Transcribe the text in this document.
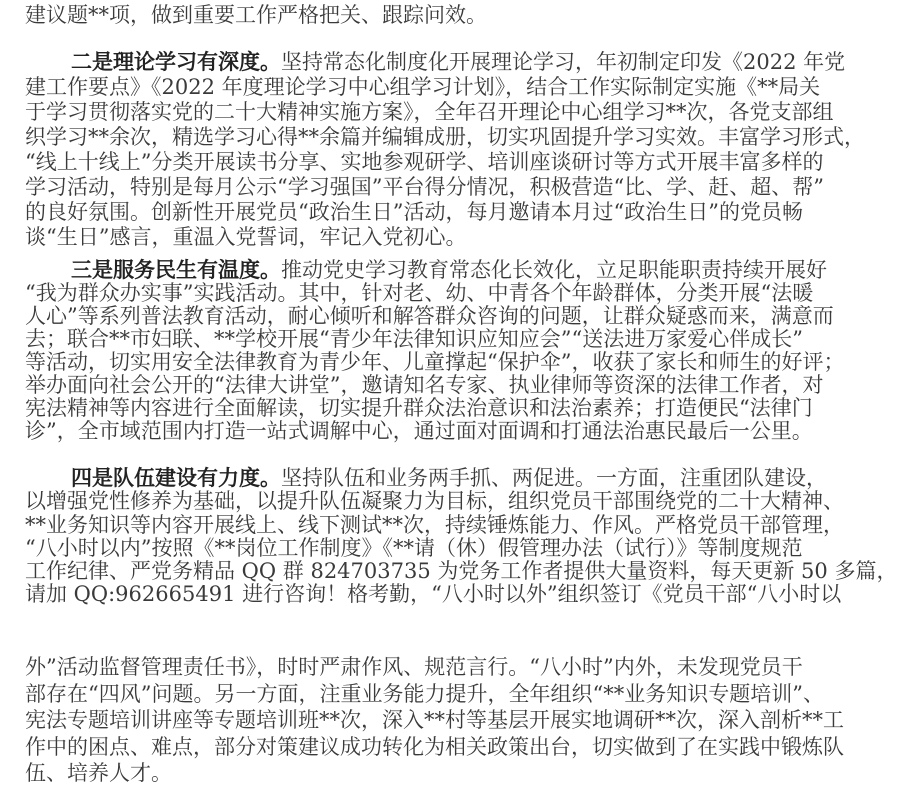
建议题**项，做到重要工作严格把关、跟踪问效。
二是理论学习有深度。坚持常态化制度化开展理论学习，年初制定印发《2022 年党
建工作要点》《2022 年度理论学习中心组学习计划》，结合工作实际制定实施《**局关
于学习贯彻落实党的二十大精神实施方案》，全年召开理论中心组学习**次，各党支部组
织学习**余次，精选学习心得**余篇并编辑成册，切实巩固提升学习实效。丰富学习形式，
“线上十线上”分类开展读书分享、实地参观研学、培训座谈研讨等方式开展丰富多样的
学习活动，特别是每月公示“学习强国”平台得分情况，积极营造“比、学、赶、超、帮”
的良好氛围。创新性开展党员“政治生日”活动，每月邀请本月过“政治生日”的党员畅
谈“生日”感言，重温入党誓词，牢记入党初心。
三是服务民生有温度。推动党史学习教育常态化长效化，立足职能职责持续开展好
“我为群众办实事”实践活动。其中，针对老、幼、中青各个年龄群体，分类开展“法暖
人心”等系列普法教育活动，耐心倾听和解答群众咨询的问题，让群众疑惑而来，满意而
去；联合**市妇联、**学校开展“青少年法律知识应知应会”“送法进万家爱心伴成长”
等活动，切实用安全法律教育为青少年、儿童撑起“保护伞”，收获了家长和师生的好评；
举办面向社会公开的“法律大讲堂”，邀请知名专家、执业律师等资深的法律工作者，对
宪法精神等内容进行全面解读，切实提升群众法治意识和法治素养；打造便民“法律门
诊”，全市域范围内打造一站式调解中心，通过面对面调和打通法治惠民最后一公里。
四是队伍建设有力度。坚持队伍和业务两手抓、两促进。一方面，注重团队建设，
以增强党性修养为基础，以提升队伍凝聚力为目标，组织党员干部围绕党的二十大精神、
**业务知识等内容开展线上、线下测试**次，持续锤炼能力、作风。严格党员干部管理，
“八小时以内”按照《**岗位工作制度》《**请（休）假管理办法（试行）》等制度规范
工作纪律、严党务精品 QQ 群 824703735 为党务工作者提供大量资料，每天更新 50 多篇，
请加 QQ:962665491 进行咨询！格考勤，“八小时以外”组织签订《党员干部“八小时以
外”活动监督管理责任书》，时时严肃作风、规范言行。“八小时”内外，未发现党员干
部存在“四风”问题。另一方面，注重业务能力提升，全年组织“**业务知识专题培训”、
宪法专题培训讲座等专题培训班**次，深入**村等基层开展实地调研**次，深入剖析**工
作中的困点、难点，部分对策建议成功转化为相关政策出台，切实做到了在实践中锻炼队
伍、培养人才。
